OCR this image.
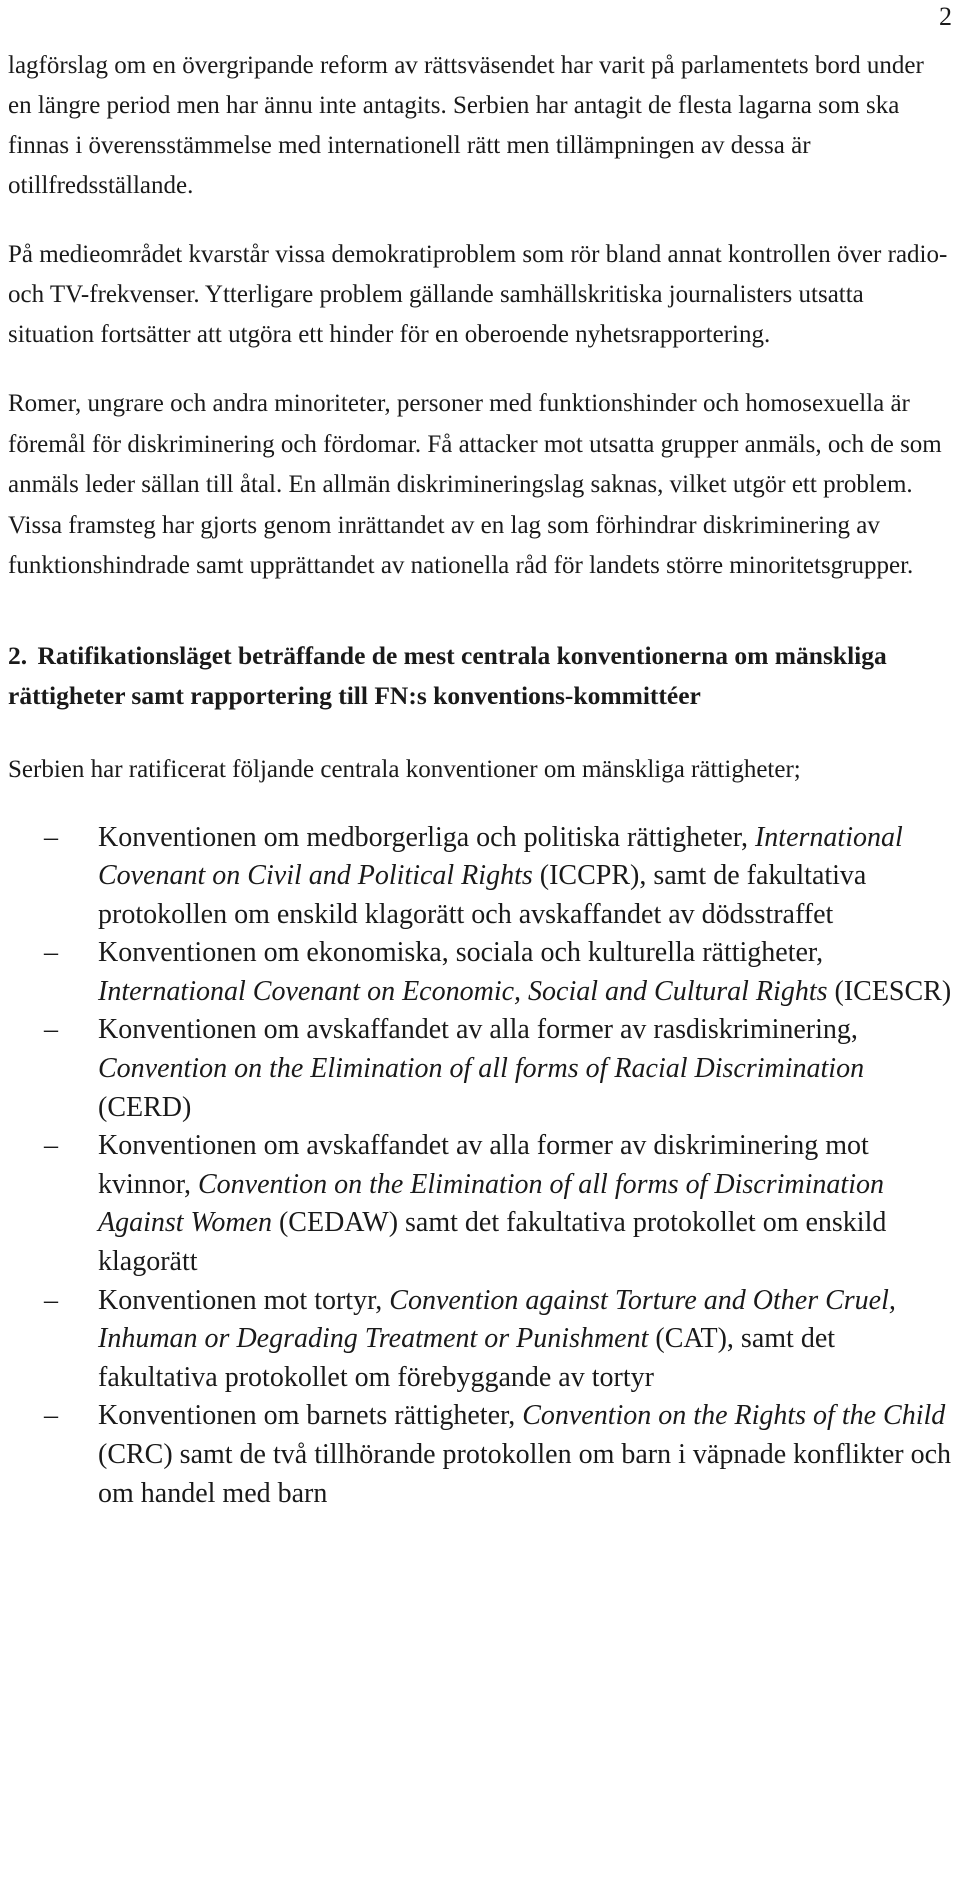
2

lagförslag om en övergripande reform av rättsväsendet har varit på parlamentets bord under en längre period men har ännu inte antagits. Serbien har antagit de flesta lagarna som ska finnas i överensstämmelse med internationell rätt men tillämpningen av dessa är otillfredsställande.

På medieområdet kvarstår vissa demokratiproblem som rör bland annat kontrollen över radio- och TV-frekvenser. Ytterligare problem gällande samhällskritiska journalisters utsatta situation fortsätter att utgöra ett hinder för en oberoende nyhetsrapportering.

Romer, ungrare och andra minoriteter, personer med funktionshinder och homosexuella är föremål för diskriminering och fördomar. Få attacker mot utsatta grupper anmäls, och de som anmäls leder sällan till åtal. En allmän diskrimineringslag saknas, vilket utgör ett problem. Vissa framsteg har gjorts genom inrättandet av en lag som förhindrar diskriminering av funktionshindrade samt upprättandet av nationella råd för landets större minoritetsgrupper.

2. Ratifikationsläget beträffande de mest centrala konventionerna om mänskliga rättigheter samt rapportering till FN:s konventions-kommittéer

Serbien har ratificerat följande centrala konventioner om mänskliga rättigheter;

– Konventionen om medborgerliga och politiska rättigheter, International Covenant on Civil and Political Rights (ICCPR), samt de fakultativa protokollen om enskild klagorätt och avskaffandet av dödsstraffet
– Konventionen om ekonomiska, sociala och kulturella rättigheter, International Covenant on Economic, Social and Cultural Rights (ICESCR)
– Konventionen om avskaffandet av alla former av rasdiskriminering, Convention on the Elimination of all forms of Racial Discrimination (CERD)
– Konventionen om avskaffandet av alla former av diskriminering mot kvinnor, Convention on the Elimination of all forms of Discrimination Against Women (CEDAW) samt det fakultativa protokollet om enskild klagorätt
– Konventionen mot tortyr, Convention against Torture and Other Cruel, Inhuman or Degrading Treatment or Punishment (CAT), samt det fakultativa protokollet om förebyggande av tortyr
– Konventionen om barnets rättigheter, Convention on the Rights of the Child (CRC) samt de två tillhörande protokollen om barn i väpnade konflikter och om handel med barn
